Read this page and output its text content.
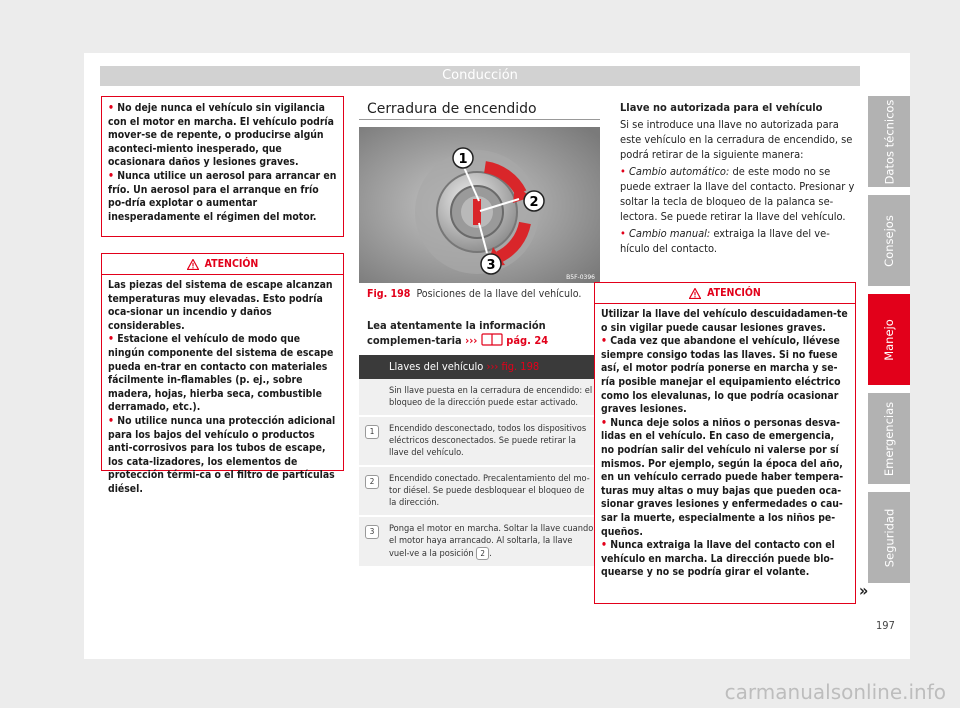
Conducción
• No deje nunca el vehículo sin vigilancia con el motor en marcha. El vehículo podría mover-se de repente, o producirse algún aconteci-miento inesperado, que ocasionara daños y lesiones graves.
• Nunca utilice un aerosol para arrancar en frío. Un aerosol para el arranque en frío po-dría explotar o aumentar inesperadamente el régimen del motor.
ATENCIÓN
Las piezas del sistema de escape alcanzan temperaturas muy elevadas. Esto podría oca-sionar un incendio y daños considerables.
• Estacione el vehículo de modo que ningún componente del sistema de escape pueda en-trar en contacto con materiales fácilmente in-flamables (p. ej., sobre madera, hojas, hierba seca, combustible derramado, etc.).
• No utilice nunca una protección adicional para los bajos del vehículo o productos anti-corrosivos para los tubos de escape, los cata-lizadores, los elementos de protección térmi-ca o el filtro de partículas diésel.
Cerradura de encendido
1
2
3
B5F-0396
Fig. 198 Posiciones de la llave del vehículo.
Lea atentamente la información complemen-taria ›››	pág. 24
Llaves del vehículo ››› fig. 198
Sin llave puesta en la cerradura de encendido: el bloqueo de la dirección puede estar activado.
1	Encendido desconectado, todos los dispositivos eléctricos desconectados. Se puede retirar la llave del vehículo.
2	Encendido conectado. Precalentamiento del mo-tor diésel. Se puede desbloquear el bloqueo de la dirección.
3	Ponga el motor en marcha. Soltar la llave cuando el motor haya arrancado. Al soltarla, la llave vuel-ve a la posición 2 .
Llave no autorizada para el vehículo

Si se introduce una llave no autorizada para este vehículo en la cerradura de encendido, se podrá retirar de la siguiente manera:

• Cambio automático: de este modo no se puede extraer la llave del contacto. Presionar y soltar la tecla de bloqueo de la palanca se-lectora. Se puede retirar la llave del vehículo.

• Cambio manual: extraiga la llave del ve-hículo del contacto.

ATENCIÓN
Utilizar la llave del vehículo descuidadamen-te o sin vigilar puede causar lesiones graves.
• Cada vez que abandone el vehículo, llévese siempre consigo todas las llaves. Si no fuese así, el motor podría ponerse en marcha y se-ría posible manejar el equipamiento eléctrico como los elevalunas, lo que podría ocasionar graves lesiones.
• Nunca deje solos a niños o personas desva-lidas en el vehículo. En caso de emergencia, no podrían salir del vehículo ni valerse por sí mismos. Por ejemplo, según la época del año, en un vehículo cerrado puede haber tempera-turas muy altas o muy bajas que pueden oca-sionar graves lesiones y enfermedades o cau-sar la muerte, especialmente a los niños pe-queños.
• Nunca extraiga la llave del contacto con el vehículo en marcha. La dirección puede blo-quearse y no se podría girar el volante.
»
197
Datos técnicos
Consejos
Manejo
Emergencias
Seguridad
carmanualsonline.info
